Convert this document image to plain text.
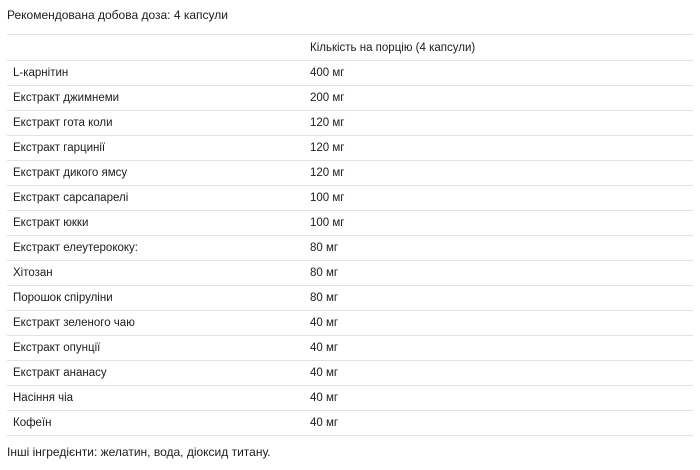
Рекомендована добова доза: 4 капсули
Кількість на порцію (4 капсули)
L-карнітин	400 мг
Екстракт джимнеми	200 мг
Екстракт гота коли	120 мг
Екстракт гарцинії	120 мг
Екстракт дикого ямсу	120 мг
Екстракт сарсапарелі	100 мг
Екстракт юкки	100 мг
Екстракт елеутерококу:	80 мг
Хітозан	80 мг
Порошок спіруліни	80 мг
Екстракт зеленого чаю	40 мг
Екстракт опунції	40 мг
Екстракт ананасу	40 мг
Насіння чіа	40 мг
Кофеїн	40 мг
Інші інгредієнти: желатин, вода, діоксид титану.
